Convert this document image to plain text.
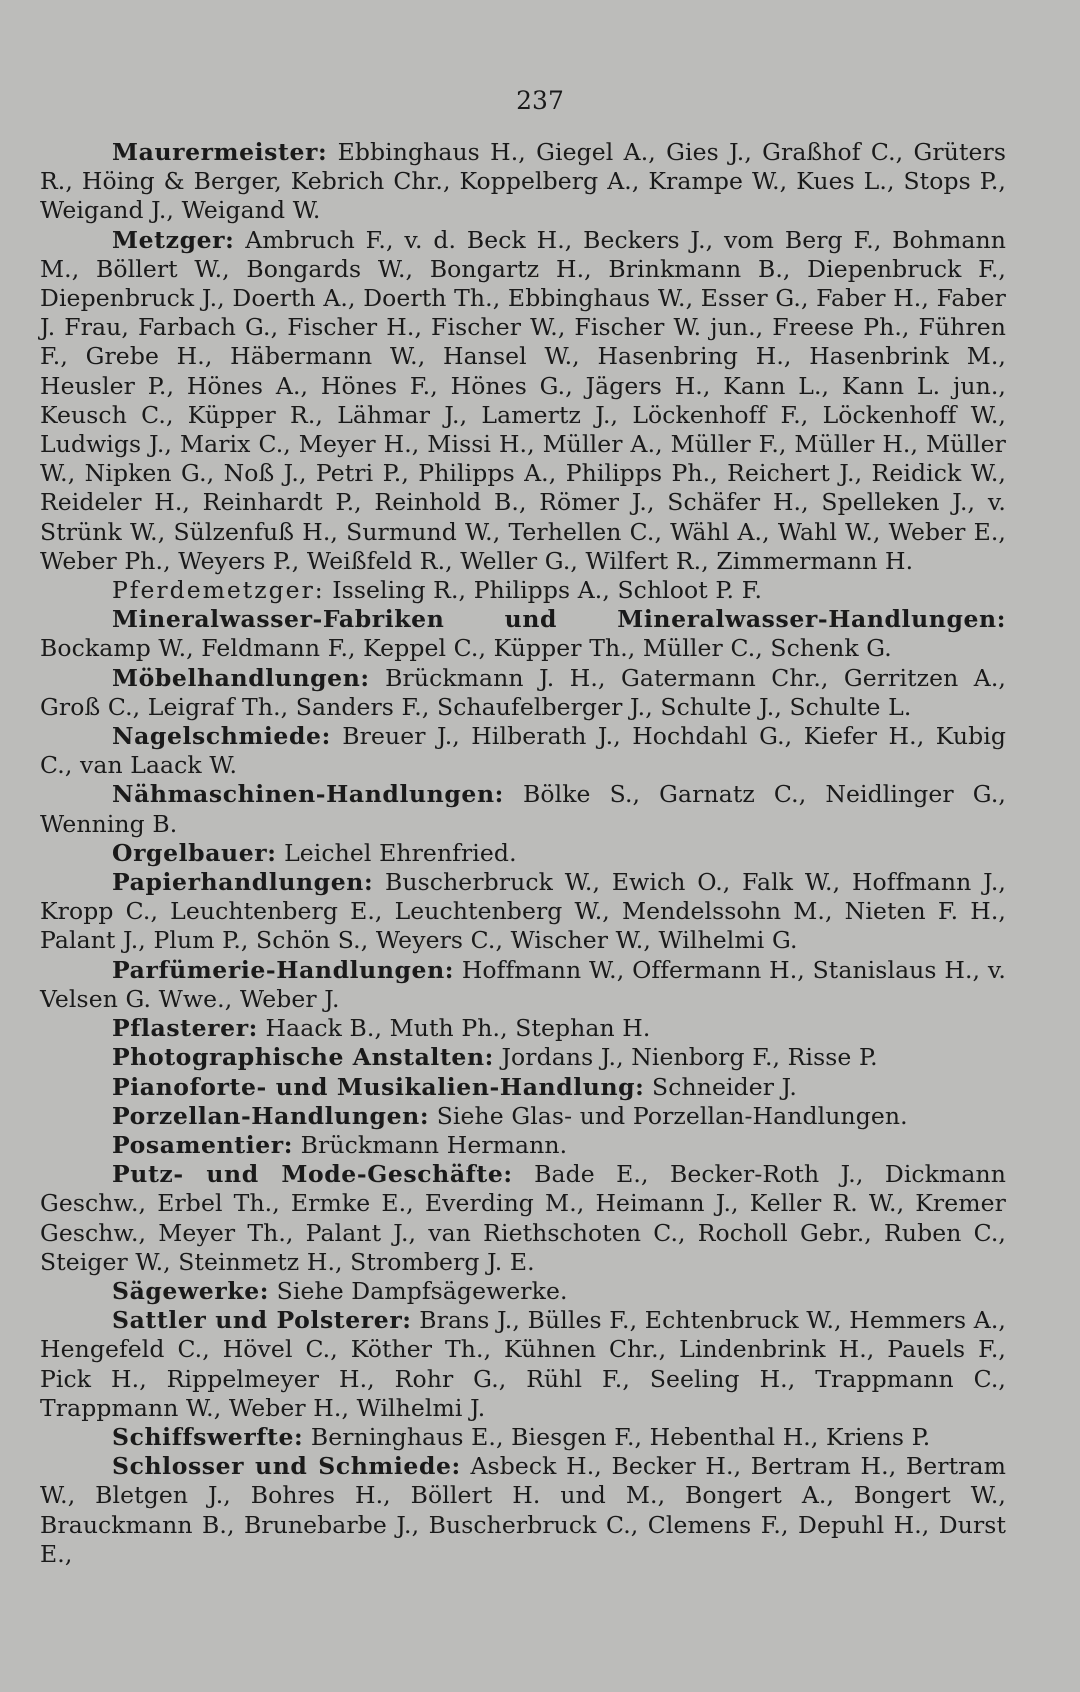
237

Maurermeister: Ebbinghaus H., Giegel A., Gies J., Graßhof C., Grüters R., Höing & Berger, Kebrich Chr., Koppelberg A., Krampe W., Kues L., Stops P., Weigand J., Weigand W.

Metzger: Ambruch F., v. d. Beck H., Beckers J., vom Berg F., Bohmann M., Böllert W., Bongards W., Bongartz H., Brinkmann B., Diepenbruck F., Diepenbruck J., Doerth A., Doerth Th., Ebbinghaus W., Esser G., Faber H., Faber J. Frau, Farbach G., Fischer H., Fischer W., Fischer W. jun., Freese Ph., Führen F., Grebe H., Häbermann W., Hansel W., Hasenbring H., Hasenbrink M., Heusler P., Hönes A., Hönes F., Hönes G., Jägers H., Kann L., Kann L. jun., Keusch C., Küpper R., Lähmar J., Lamertz J., Löckenhoff F., Löckenhoff W., Ludwigs J., Marix C., Meyer H., Missi H., Müller A., Müller F., Müller H., Müller W., Nipken G., Noß J., Petri P., Philipps A., Philipps Ph., Reichert J., Reidick W., Reideler H., Reinhardt P., Reinhold B., Römer J., Schäfer H., Spelleken J., v. Strünk W., Sülzenfuß H., Surmund W., Terhellen C., Wähl A., Wahl W., Weber E., Weber Ph., Weyers P., Weißfeld R., Weller G., Wilfert R., Zimmermann H.

Pferdemetzger: Isseling R., Philipps A., Schloot P. F.

Mineralwasser-Fabriken und Mineralwasser-Handlungen: Bockamp W., Feldmann F., Keppel C., Küpper Th., Müller C., Schenk G.

Möbelhandlungen: Brückmann J. H., Gatermann Chr., Gerritzen A., Groß C., Leigraf Th., Sanders F., Schaufelberger J., Schulte J., Schulte L.

Nagelschmiede: Breuer J., Hilberath J., Hochdahl G., Kiefer H., Kubig C., van Laack W.

Nähmaschinen-Handlungen: Bölke S., Garnatz C., Neidlinger G., Wenning B.

Orgelbauer: Leichel Ehrenfried.

Papierhandlungen: Buscherbruck W., Ewich O., Falk W., Hoffmann J., Kropp C., Leuchtenberg E., Leuchtenberg W., Mendelssohn M., Nieten F. H., Palant J., Plum P., Schön S., Weyers C., Wischer W., Wilhelmi G.

Parfümerie-Handlungen: Hoffmann W., Offermann H., Stanislaus H., v. Velsen G. Wwe., Weber J.

Pflasterer: Haack B., Muth Ph., Stephan H.

Photographische Anstalten: Jordans J., Nienborg F., Risse P.

Pianoforte- und Musikalien-Handlung: Schneider J.

Porzellan-Handlungen: Siehe Glas- und Porzellan-Handlungen.

Posamentier: Brückmann Hermann.

Putz- und Mode-Geschäfte: Bade E., Becker-Roth J., Dickmann Geschw., Erbel Th., Ermke E., Everding M., Heimann J., Keller R. W., Kremer Geschw., Meyer Th., Palant J., van Riethschoten C., Rocholl Gebr., Ruben C., Steiger W., Steinmetz H., Stromberg J. E.

Sägewerke: Siehe Dampfsägewerke.

Sattler und Polsterer: Brans J., Bülles F., Echtenbruck W., Hemmers A., Hengefeld C., Hövel C., Köther Th., Kühnen Chr., Lindenbrink H., Pauels F., Pick H., Rippelmeyer H., Rohr G., Rühl F., Seeling H., Trappmann C., Trappmann W., Weber H., Wilhelmi J.

Schiffswerfte: Berninghaus E., Biesgen F., Hebenthal H., Kriens P.

Schlosser und Schmiede: Asbeck H., Becker H., Bertram H., Bertram W., Bletgen J., Bohres H., Böllert H. und M., Bongert A., Bongert W., Brauckmann B., Brunebarbe J., Buscherbruck C., Clemens F., Depuhl H., Durst E.,
